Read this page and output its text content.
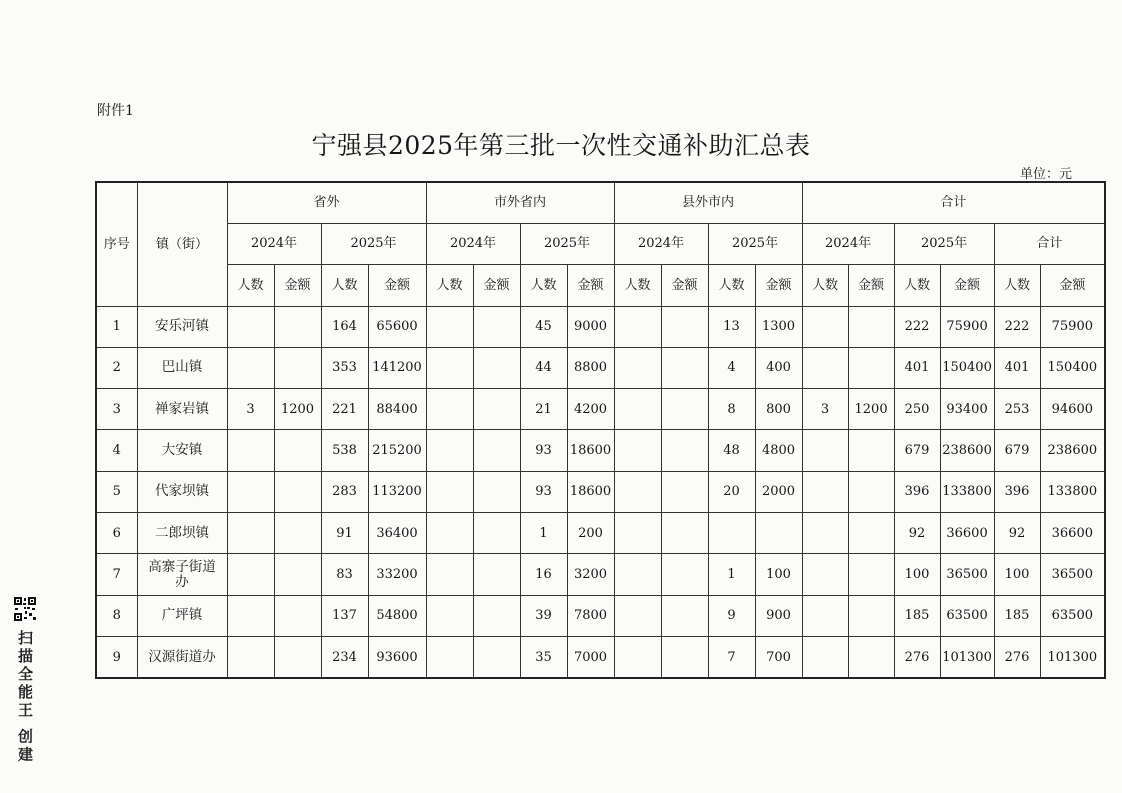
附件1
宁强县2025年第三批一次性交通补助汇总表
单位：元
序号	镇（街）	省外				市外省内				县外市内				合计					
		2024年		2025年		2024年		2025年		2024年		2025年		2024年		2025年		合计	
		人数	金额	人数	金额	人数	金额	人数	金额	人数	金额	人数	金额	人数	金额	人数	金额	人数	金额
1	安乐河镇			164	65600			45	9000			13	1300			222	75900	222	75900
2	巴山镇			353	141200			44	8800			4	400			401	150400	401	150400
3	禅家岩镇	3	1200	221	88400			21	4200			8	800	3	1200	250	93400	253	94600
4	大安镇			538	215200			93	18600			48	4800			679	238600	679	238600
5	代家坝镇			283	113200			93	18600			20	2000			396	133800	396	133800
6	二郎坝镇			91	36400			1	200							92	36600	92	36600
7	高寨子街道办			83	33200			16	3200			1	100			100	36500	100	36500
8	广坪镇			137	54800			39	7800			9	900			185	63500	185	63500
9	汉源街道办			234	93600			35	7000			7	700			276	101300	276	101300
扫描全能王 创建
